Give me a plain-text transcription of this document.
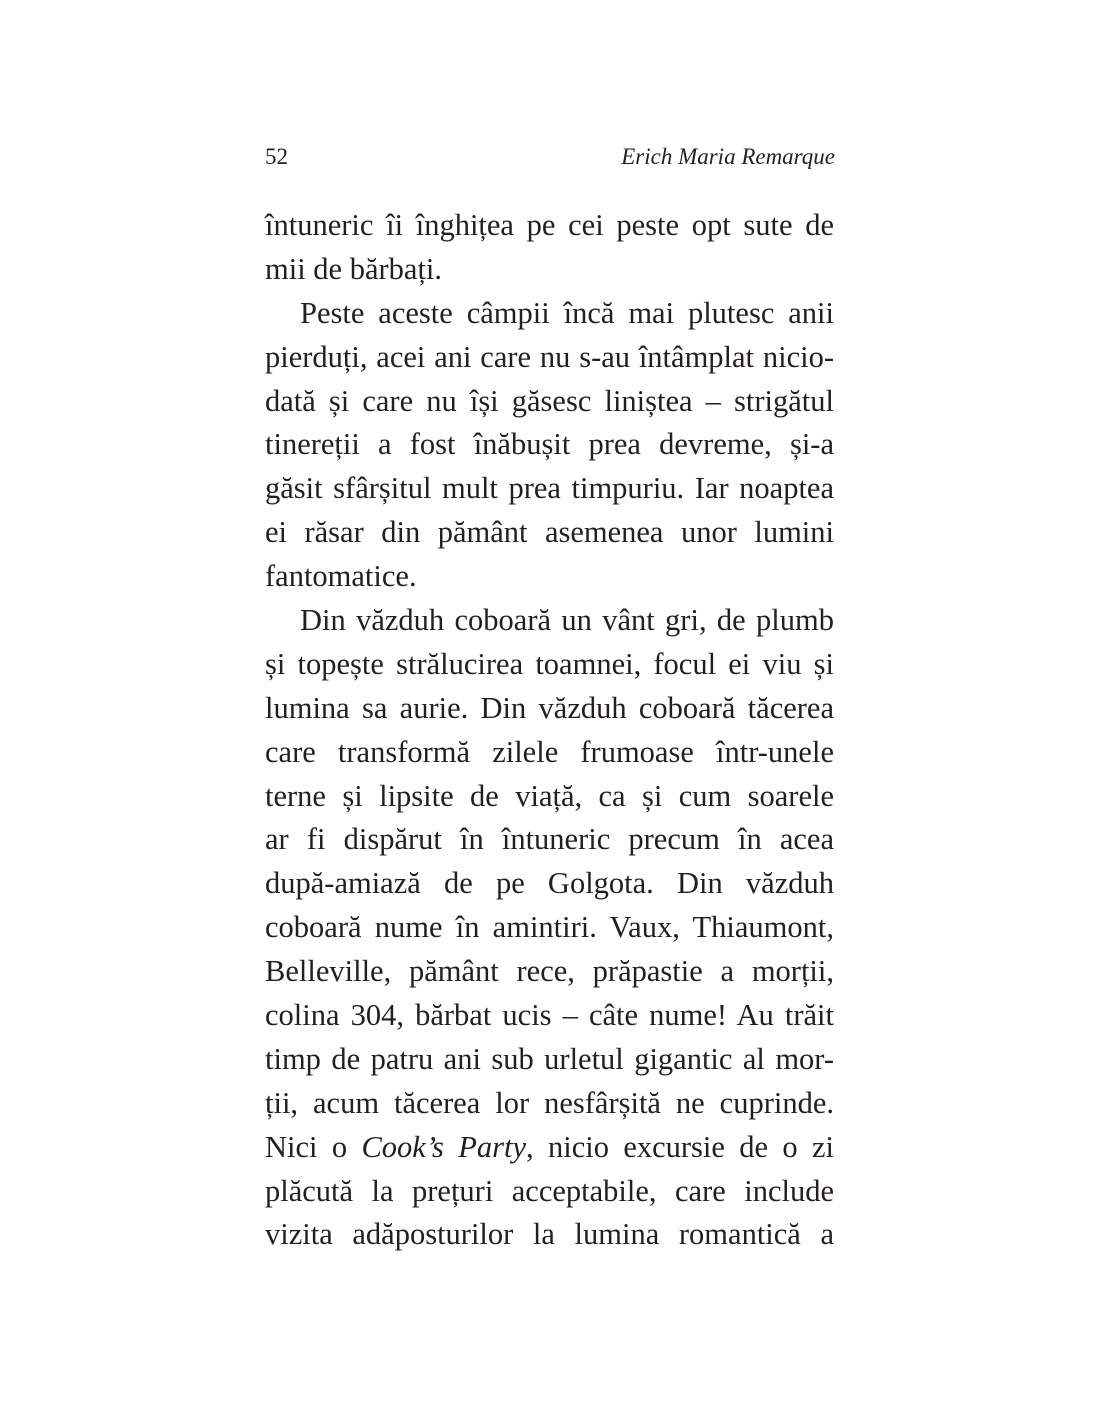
52	Erich Maria Remarque
întuneric îi înghițea pe cei peste opt sute de
mii de bărbați.
Peste aceste câmpii încă mai plutesc anii
pierduți, acei ani care nu s-au întâmplat nicio-
dată și care nu își găsesc liniștea – strigătul
tinereții a fost înăbușit prea devreme, și-a
găsit sfârșitul mult prea timpuriu. Iar noaptea
ei răsar din pământ asemenea unor lumini
fantomatice.
Din văzduh coboară un vânt gri, de plumb
și topește strălucirea toamnei, focul ei viu și
lumina sa aurie. Din văzduh coboară tăcerea
care transformă zilele frumoase într-unele
terne și lipsite de viață, ca și cum soarele
ar fi dispărut în întuneric precum în acea
după-amiază de pe Golgota. Din văzduh
coboară nume în amintiri. Vaux, Thiaumont,
Belleville, pământ rece, prăpastie a morții,
colina 304, bărbat ucis – câte nume! Au trăit
timp de patru ani sub urletul gigantic al mor-
ții, acum tăcerea lor nesfârșită ne cuprinde.
Nici o Cook’s Party, nicio excursie de o zi
plăcută la prețuri acceptabile, care include
vizita adăposturilor la lumina romantică a
